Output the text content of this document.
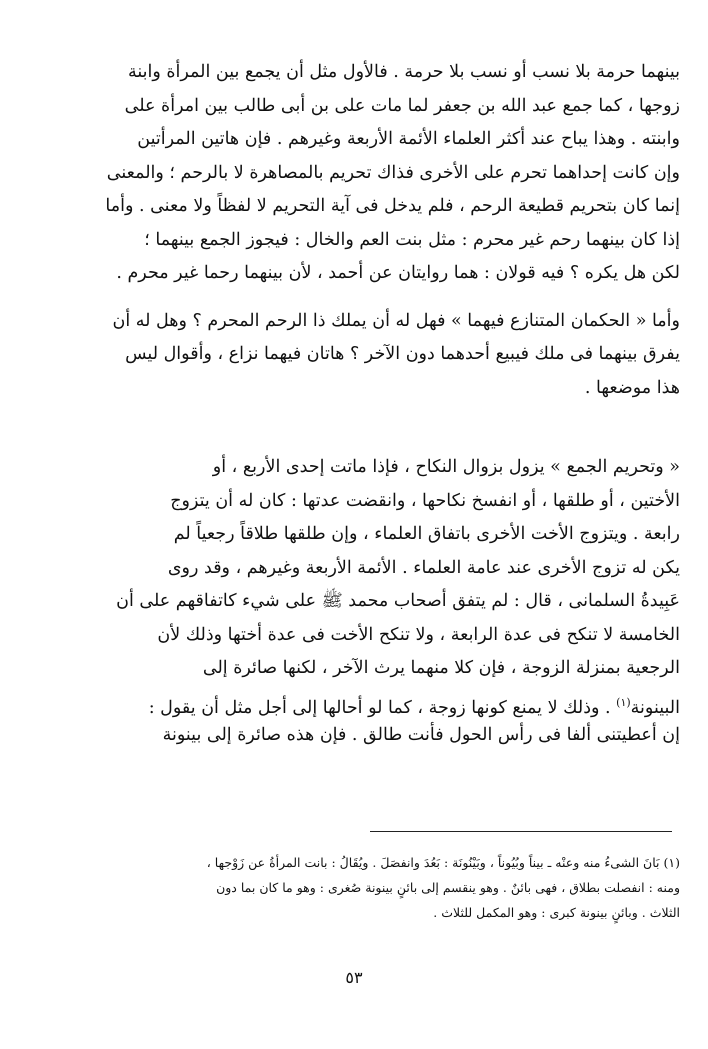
بينهما حرمة بلا نسب أو نسب بلا حرمة . فالأول مثل أن يجمع بين المرأة وابنة
زوجها ، كما جمع عبد الله بن جعفر لما مات على بن أبى طالب بين امرأة على
وابنته . وهذا يباح عند أكثر العلماء الأئمة الأربعة وغيرهم . فإن هاتين المرأتين
وإن كانت إحداهما تحرم على الأخرى فذاك تحريم بالمصاهرة لا بالرحم ؛ والمعنى
إنما كان بتحريم قطيعة الرحم ، فلم يدخل فى آية التحريم لا لفظاً ولا معنى . وأما
إذا كان بينهما رحم غير محرم : مثل بنت العم والخال : فيجوز الجمع بينهما ؛
لكن هل يكره ؟ فيه قولان : هما روايتان عن أحمد ، لأن بينهما رحما غير محرم .
وأما « الحكمان المتنازع فيهما » فهل له أن يملك ذا الرحم المحرم ؟ وهل له أن
يفرق بينهما فى ملك فيبيع أحدهما دون الآخر ؟ هاتان فيهما نزاع ، وأقوال ليس
هذا موضعها .
« وتحريم الجمع » يزول بزوال النكاح ، فإذا ماتت إحدى الأربع ، أو
الأختين ، أو طلقها ، أو انفسخ نكاحها ، وانقضت عدتها : كان له أن يتزوج
رابعة . ويتزوج الأخت الأخرى باتفاق العلماء ، وإن طلقها طلاقاً رجعياً لم
يكن له تزوج الأخرى عند عامة العلماء . الأئمة الأربعة وغيرهم ، وقد روى
عَبِيدةُ السلمانى ، قال : لم يتفق أصحاب محمد ﷺ على شيء كاتفاقهم على أن
الخامسة لا تنكح فى عدة الرابعة ، ولا تنكح الأخت فى عدة أختها وذلك لأن
الرجعية بمنزلة الزوجة ، فإن كلا منهما يرث الآخر ، لكنها صائرة إلى
البينونة$^{(١)}$ . وذلك لا يمنع كونها زوجة ، كما لو أحالها إلى أجل مثل أن يقول :
إن أعطيتنى ألفا فى رأس الحول فأنت طالق . فإن هذه صائرة إلى بينونة
(١) بَانَ الشىءُ منه وعنْه ـ بيناً وبُيُوناً ، وبَيْنُونَة : بَعُدَ وانفصَلَ . ويُقَالُ : بانت المرأةُ عن زَوْجها ،
ومنه : انفصلت بطلاق ، فهى بائنٌ . وهو ينقسم إلى بائنٍ بينونة صُغرى : وهو ما كان بما دون
الثلاث . وبائنٍ بينونة كبرى : وهو المكمل للثلاث .
٥٣
